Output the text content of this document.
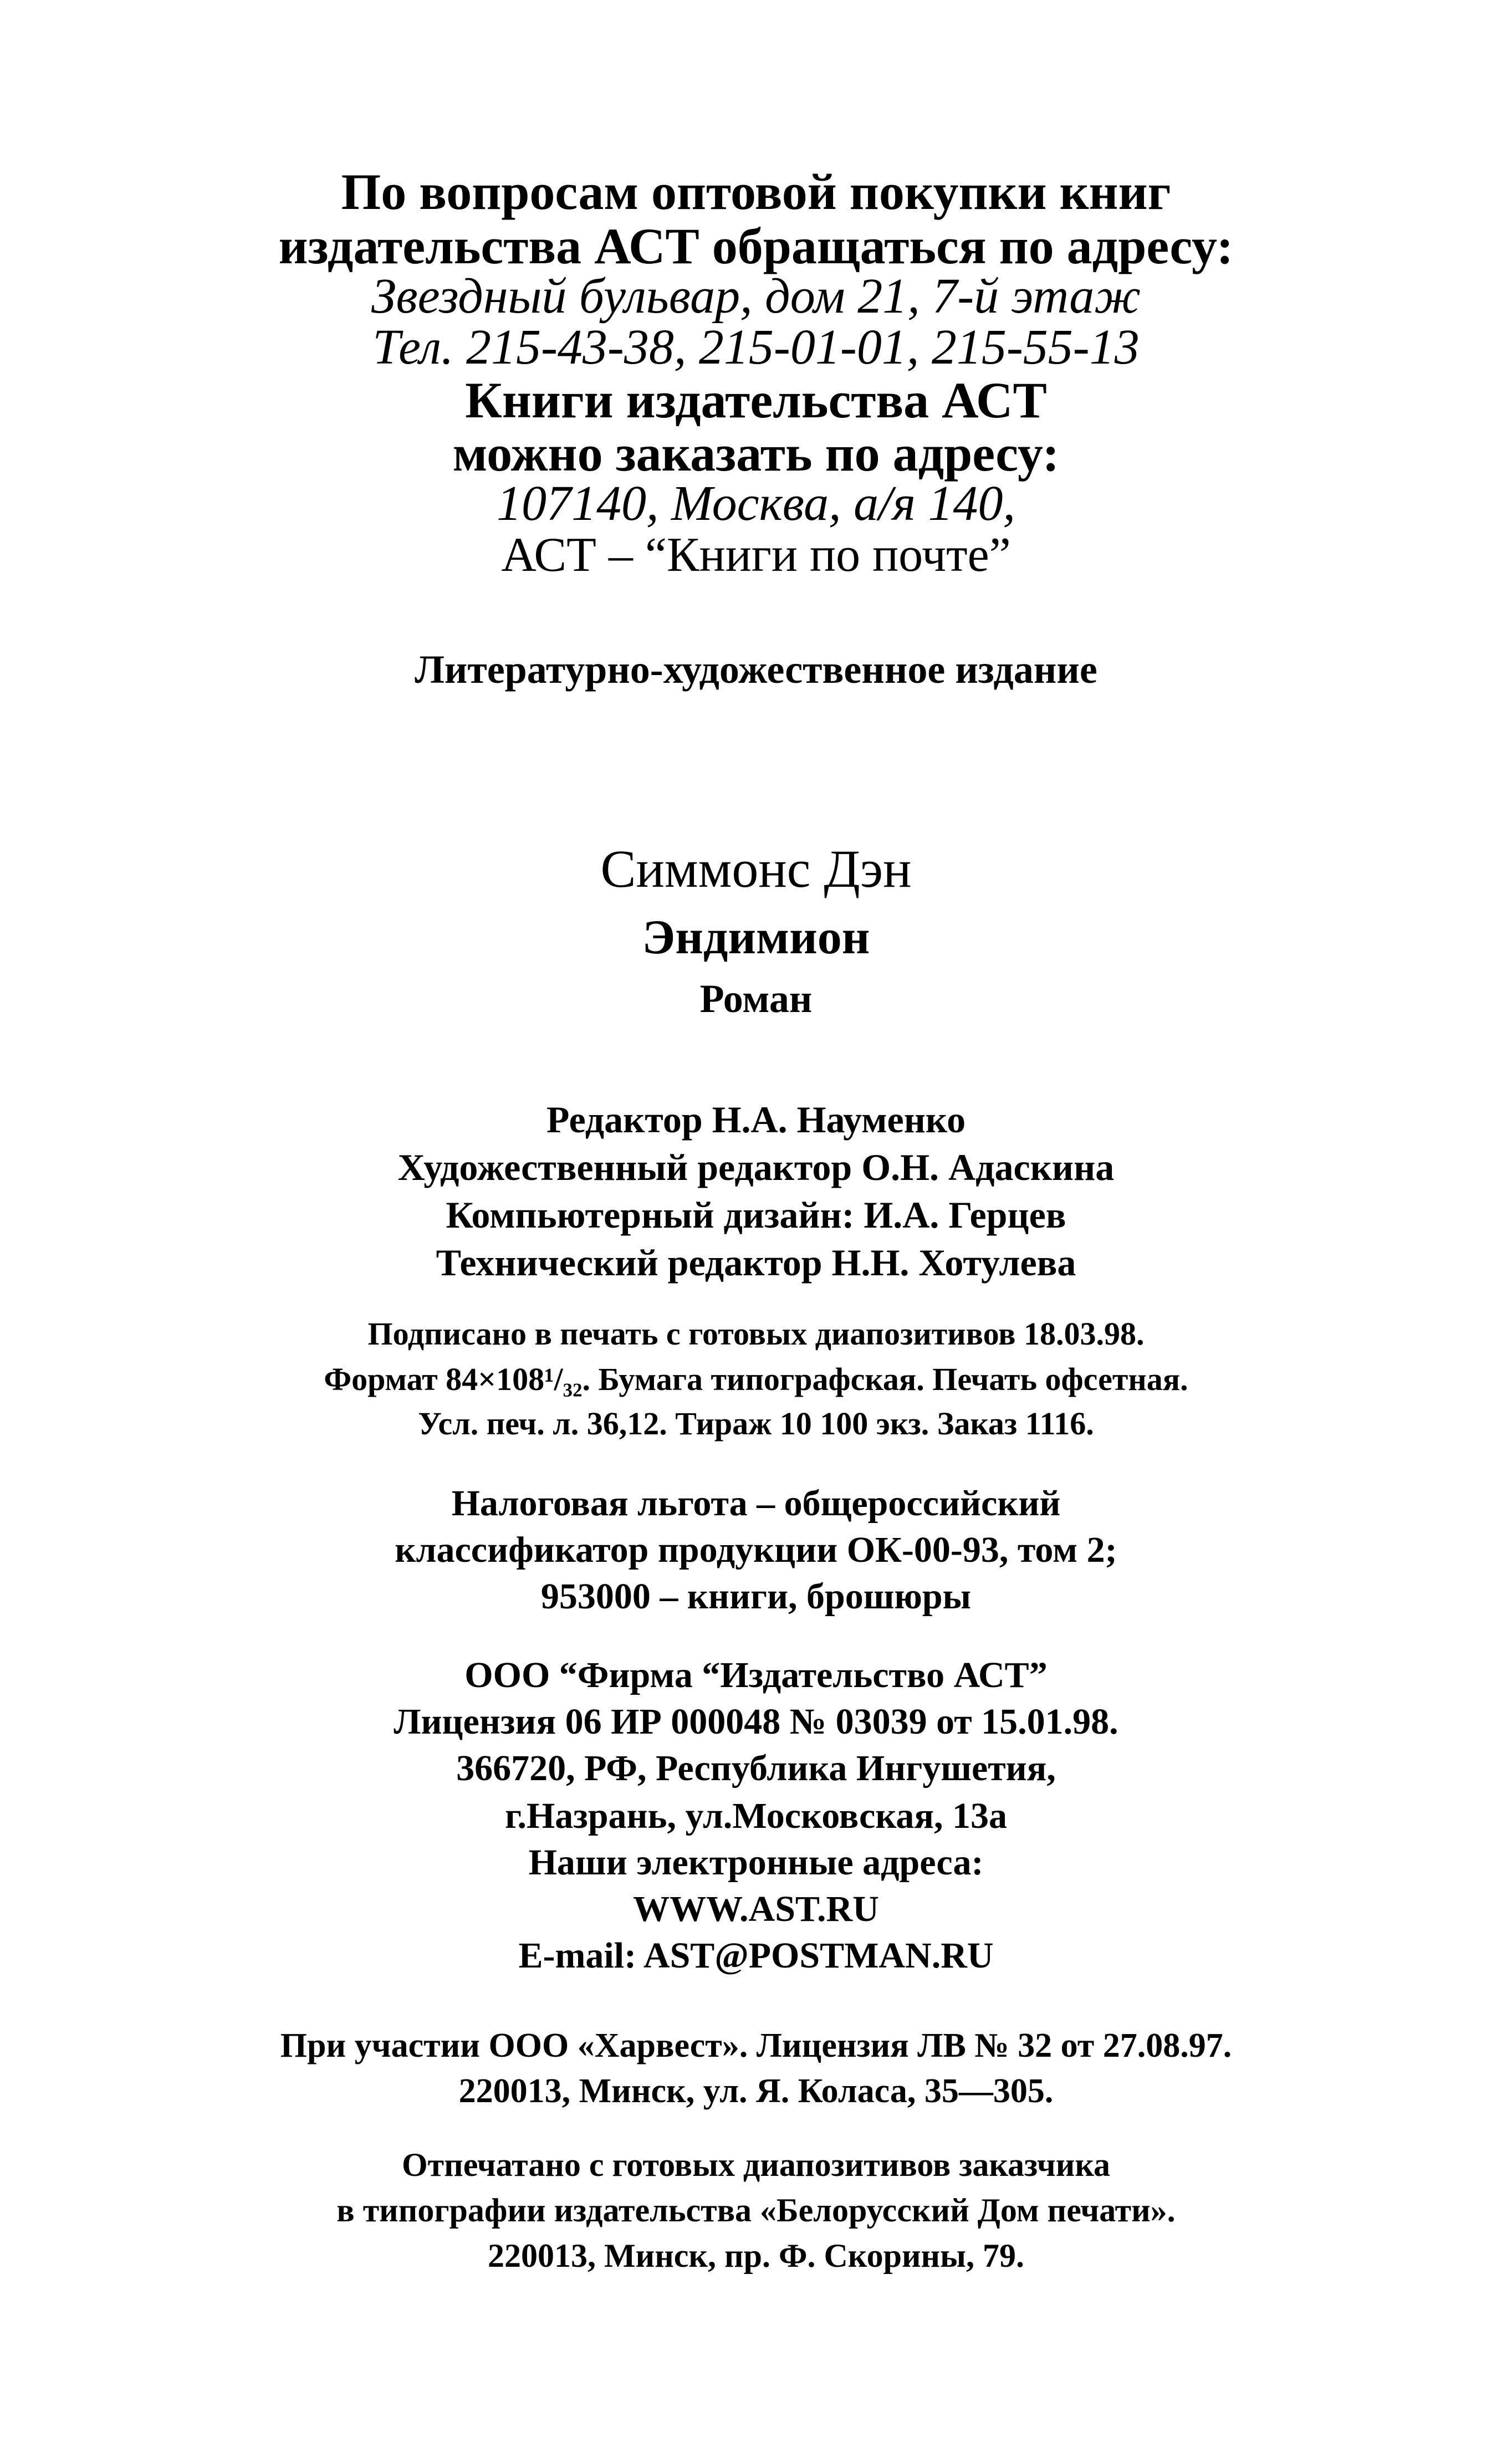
По вопросам оптовой покупки книг
издательства АСТ обращаться по адресу:
Звездный бульвар, дом 21, 7-й этаж
Тел. 215-43-38, 215-01-01, 215-55-13
Книги издательства АСТ
можно заказать по адресу:
107140, Москва, а/я 140,
АСТ – “Книги по почте”
Литературно-художественное издание
Симмонс Дэн
Эндимион
Роман
Редактор Н.А. Науменко
Художественный редактор О.Н. Адаскина
Компьютерный дизайн: И.А. Герцев
Технический редактор Н.Н. Хотулева
Подписано в печать с готовых диапозитивов 18.03.98.
Формат 84×108¹/₃₂. Бумага типографская. Печать офсетная.
Усл. печ. л. 36,12. Тираж 10 100 экз. Заказ 1116.
Налоговая льгота – общероссийский
классификатор продукции ОК-00-93, том 2;
953000 – книги, брошюры
ООО “Фирма “Издательство АСТ”
Лицензия 06 ИР 000048 № 03039 от 15.01.98.
366720, РФ, Республика Ингушетия,
г.Назрань, ул.Московская, 13а
Наши электронные адреса:
WWW.AST.RU
E-mail: AST@POSTMAN.RU
При участии ООО «Харвест». Лицензия ЛВ № 32 от 27.08.97.
220013, Минск, ул. Я. Коласа, 35—305.
Отпечатано с готовых диапозитивов заказчика
в типографии издательства «Белорусский Дом печати».
220013, Минск, пр. Ф. Скорины, 79.
